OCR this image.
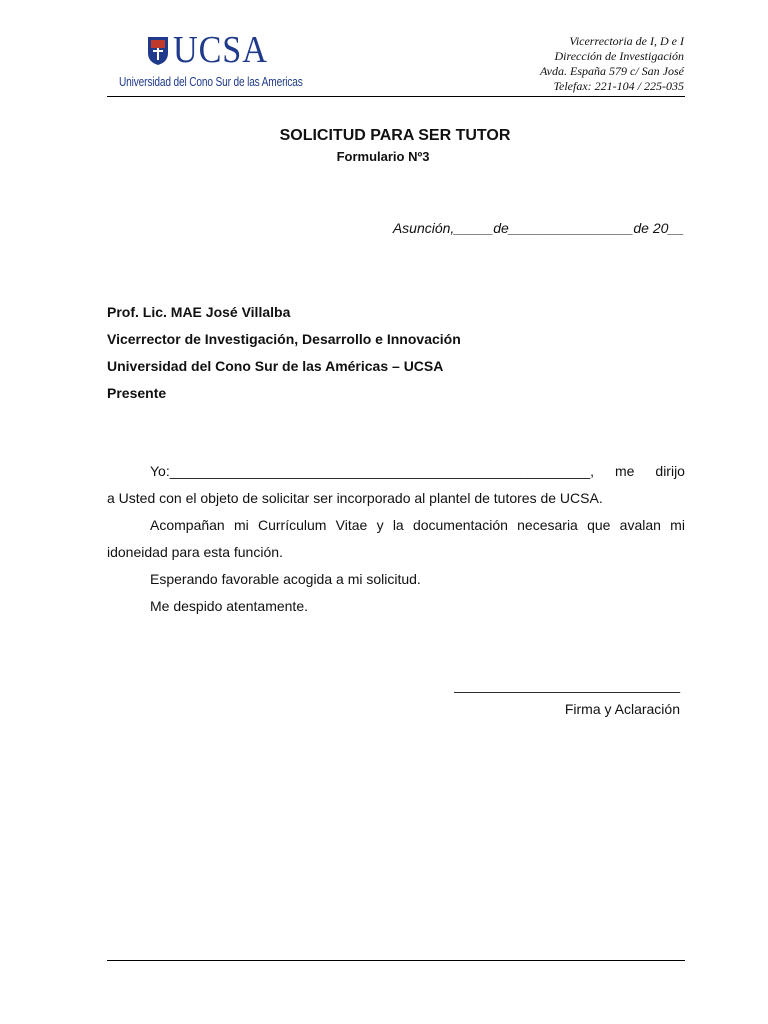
UCSA
Universidad del Cono Sur de las Americas
Vicerrectoria de I, D e I
Dirección de Investigación
Avda. España 579 c/ San José
Telefax: 221-104 / 225-035
SOLICITUD PARA SER TUTOR
Formulario Nº3
Asunción,_____de________________de 20__
Prof. Lic. MAE José Villalba
Vicerrector de Investigación, Desarrollo e Innovación
Universidad del Cono Sur de las Américas – UCSA
Presente
Yo:______________________________________________________, me dirijo
a Usted con el objeto de solicitar ser incorporado al plantel de tutores de UCSA.
Acompañan mi Currículum Vitae y la documentación necesaria que avalan mi
idoneidad para esta función.
Esperando favorable acogida a mi solicitud.
Me despido atentamente.
_____________________________
Firma y Aclaración
